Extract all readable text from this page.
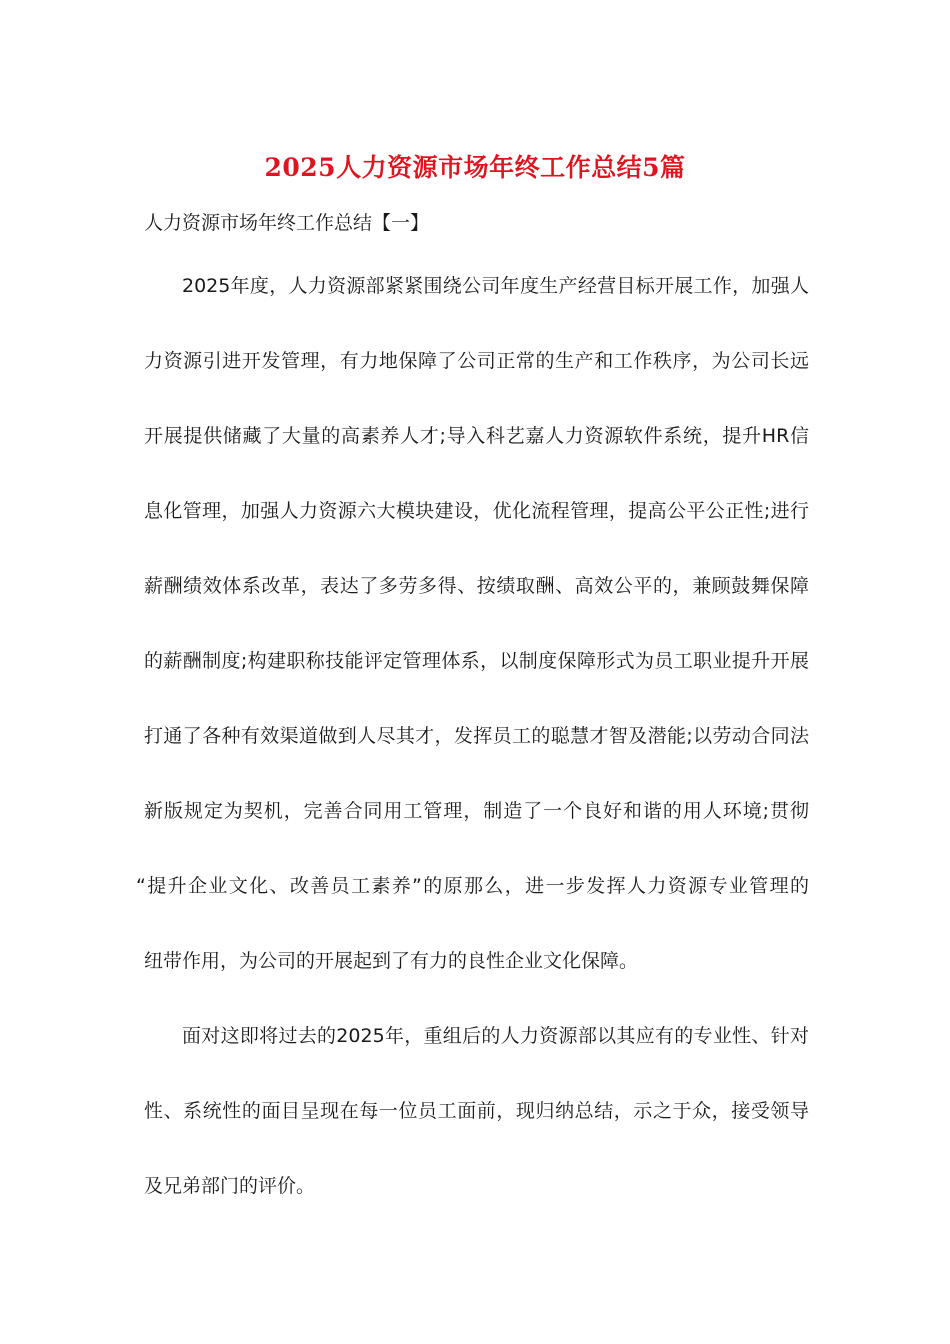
2025人力资源市场年终工作总结5篇
人力资源市场年终工作总结【一】
2025年度，人力资源部紧紧围绕公司年度生产经营目标开展工作，加强人
力资源引进开发管理，有力地保障了公司正常的生产和工作秩序，为公司长远
开展提供储藏了大量的高素养人才;导入科艺嘉人力资源软件系统，提升HR信
息化管理，加强人力资源六大模块建设，优化流程管理，提高公平公正性;进行
薪酬绩效体系改革，表达了多劳多得、按绩取酬、高效公平的，兼顾鼓舞保障
的薪酬制度;构建职称技能评定管理体系，以制度保障形式为员工职业提升开展
打通了各种有效渠道做到人尽其才，发挥员工的聪慧才智及潜能;以劳动合同法
新版规定为契机，完善合同用工管理，制造了一个良好和谐的用人环境;贯彻
“提升企业文化、改善员工素养”的原那么，进一步发挥人力资源专业管理的
纽带作用，为公司的开展起到了有力的良性企业文化保障。
面对这即将过去的2025年，重组后的人力资源部以其应有的专业性、针对
性、系统性的面目呈现在每一位员工面前，现归纳总结，示之于众，接受领导
及兄弟部门的评价。
